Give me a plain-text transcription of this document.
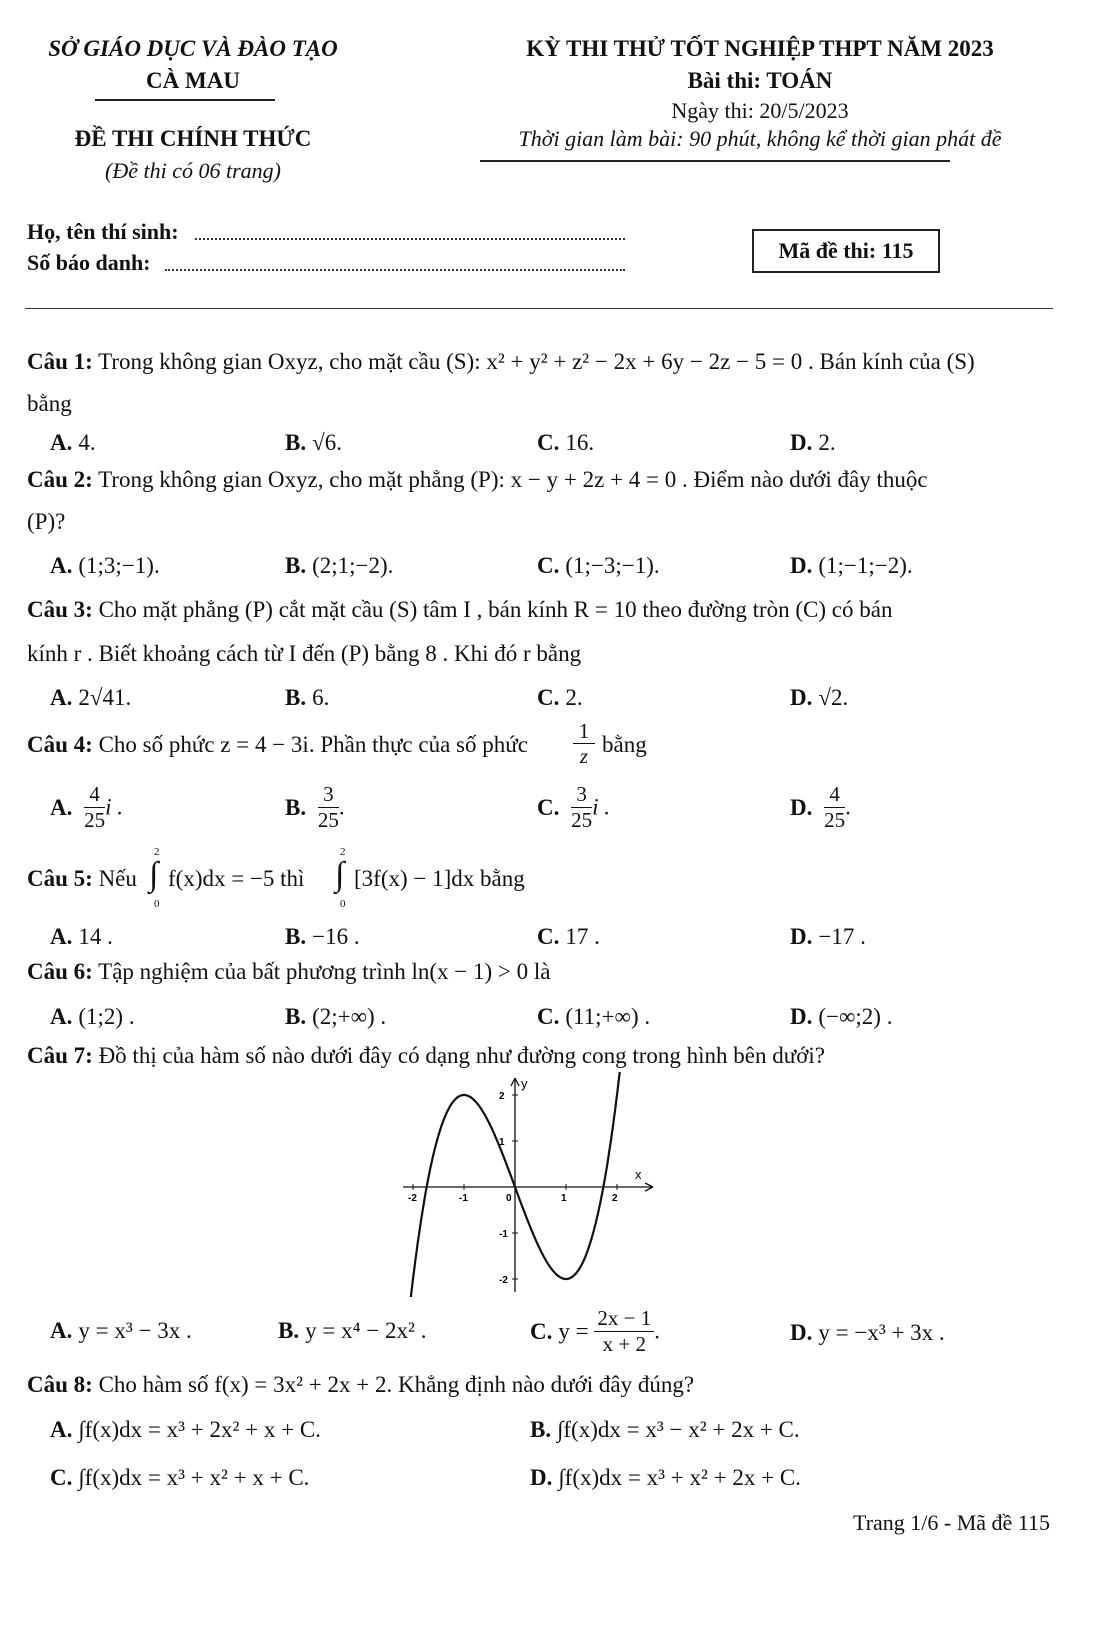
SỞ GIÁO DỤC VÀ ĐÀO TẠO
CÀ MAU
ĐỀ THI CHÍNH THỨC
(Đề thi có 06 trang)
KỲ THI THỬ TỐT NGHIỆP THPT NĂM 2023
Bài thi: TOÁN
Ngày thi: 20/5/2023
Thời gian làm bài: 90 phút, không kể thời gian phát đề
Họ, tên thí sinh:
Số báo danh:	Mã đề thi: 115
Câu 1: Trong không gian Oxyz, cho mặt cầu (S): x² + y² + z² − 2x + 6y − 2z − 5 = 0 . Bán kính của (S)
bằng
A. 4.	B. √6.	C. 16.	D. 2.
Câu 2: Trong không gian Oxyz, cho mặt phẳng (P): x − y + 2z + 4 = 0 . Điểm nào dưới đây thuộc
(P)?
A. (1;3;−1).	B. (2;1;−2).	C. (1;−3;−1).	D. (1;−1;−2).
Câu 3: Cho mặt phẳng (P) cắt mặt cầu (S) tâm I , bán kính R = 10 theo đường tròn (C) có bán
kính r . Biết khoảng cách từ I đến (P) bằng 8 . Khi đó r bằng
A. 2√41.	B. 6.	C. 2.	D. √2.
Câu 4: Cho số phức z = 4 − 3i. Phần thực của số phức
1
z bằng
A. $\frac{4}{25}$ i .	B. $\frac{3}{25}$ .	C. $\frac{3}{25}$ i .	D. $\frac{4}{25}$ .
Câu 5: Nếu
2
∫
0
f(x)dx = −5 thì
2
∫
0
[3f(x) − 1]dx bằng
A. 14 .	B. −16 .	C. 17 .	D. −17 .
Câu 6: Tập nghiệm của bất phương trình ln(x − 1) > 0 là
A. (1;2) .	B. (2;+∞) .	C. (11;+∞) .	D. (−∞;2) .
Câu 7: Đồ thị của hàm số nào dưới đây có dạng như đường cong trong hình bên dưới?
x
y
-2	-1	0	1	2
2
1
-1
-2
A. y = x³ − 3x .	B. y = x⁴ − 2x² .	C. $y = \frac{2x - 1}{x + 2}$ .	D. y = −x³ + 3x .
Câu 8: Cho hàm số f(x) = 3x² + 2x + 2. Khẳng định nào dưới đây đúng?
A. ∫f(x)dx = x³ + 2x² + x + C.	B. ∫f(x)dx = x³ − x² + 2x + C.
C. ∫f(x)dx = x³ + x² + x + C.	D. ∫f(x)dx = x³ + x² + 2x + C.
Trang 1/6 - Mã đề 115
